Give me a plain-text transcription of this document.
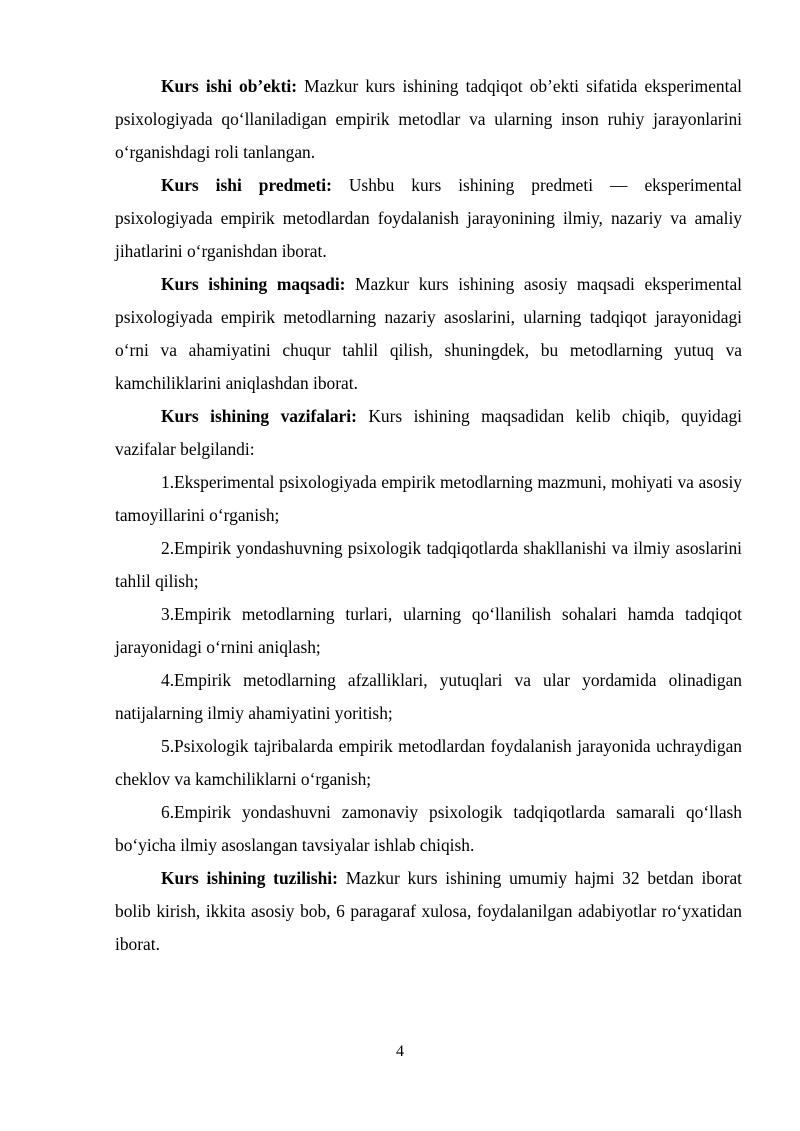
Kurs ishi ob’ekti: Mazkur kurs ishining tadqiqot ob’ekti sifatida eksperimental psixologiyada qo‘llaniladigan empirik metodlar va ularning inson ruhiy jarayonlarini o‘rganishdagi roli tanlangan.

Kurs ishi predmeti: Ushbu kurs ishining predmeti — eksperimental psixologiyada empirik metodlardan foydalanish jarayonining ilmiy, nazariy va amaliy jihatlarini o‘rganishdan iborat.

Kurs ishining maqsadi: Mazkur kurs ishining asosiy maqsadi eksperimental psixologiyada empirik metodlarning nazariy asoslarini, ularning tadqiqot jarayonidagi o‘rni va ahamiyatini chuqur tahlil qilish, shuningdek, bu metodlarning yutuq va kamchiliklarini aniqlashdan iborat.

Kurs ishining vazifalari: Kurs ishining maqsadidan kelib chiqib, quyidagi vazifalar belgilandi:

1.Eksperimental psixologiyada empirik metodlarning mazmuni, mohiyati va asosiy tamoyillarini o‘rganish;

2.Empirik yondashuvning psixologik tadqiqotlarda shakllanishi va ilmiy asoslarini tahlil qilish;

3.Empirik metodlarning turlari, ularning qo‘llanilish sohalari hamda tadqiqot jarayonidagi o‘rnini aniqlash;

4.Empirik metodlarning afzalliklari, yutuqlari va ular yordamida olinadigan natijalarning ilmiy ahamiyatini yoritish;

5.Psixologik tajribalarda empirik metodlardan foydalanish jarayonida uchraydigan cheklov va kamchiliklarni o‘rganish;

6.Empirik yondashuvni zamonaviy psixologik tadqiqotlarda samarali qo‘llash bo‘yicha ilmiy asoslangan tavsiyalar ishlab chiqish.

Kurs ishining tuzilishi: Mazkur kurs ishining umumiy hajmi 32 betdan iborat bolib kirish, ikkita asosiy bob, 6 paragaraf xulosa, foydalanilgan adabiyotlar ro‘yxatidan iborat.

4
